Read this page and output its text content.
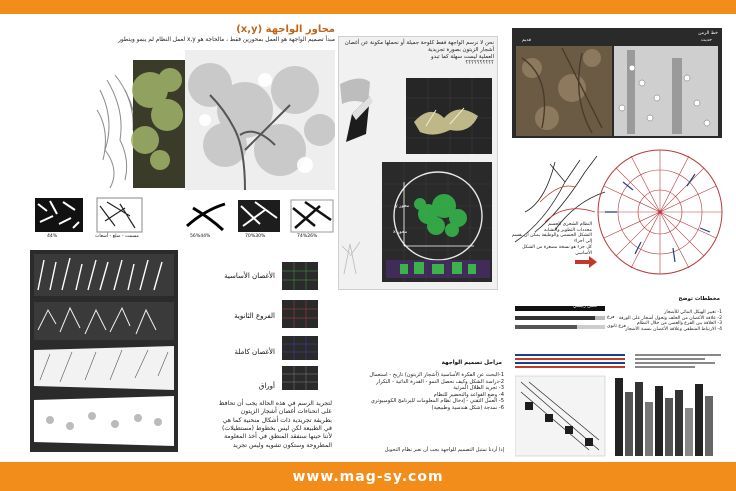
محاور الواجهة (x,y)
مبدأ تصميم الواجهة هو العمل بمحورين فقط ، مالحاجة هو x,y لعمل النظام لم ينمو ويتطور
44%	مسمت - ضلع - أشعاث	56%44%	70%30%	74%26%
الأغصان الأساسية
الفروع الثانوية
الأغصان كاملة
أوراق
لتجريد الرسم في هذه الحالة يجب أن تحافظ
على انحناءات أغصان أشجار الزيتون
بطريقة تجريدية ذات أشكال منحنية كما هي
في الطبيعة لكن ليس بخطوط (مستطيلات)
لأننا حينها سنفقد المنطق في أخذ المعلومة
المطروحة وستكون تشويه وليس تجريد
نحن لا نرسم الواجهة فقط كلوحة جميلة أو نحملها مكونة عن أغصان
أشجار الزيتون بصورة تجريدية
العملية ليست سهلة كما تبدو
؟؟؟؟؟؟؟؟؟؟
محور x
محور y
مراحل تصميم الواجهة
1-البحث عن الفكرة الأساسية (أشجار الزيتون) تاريخ - استعمال
2-دراسة الشكل وكيف نحصل النمو - القدرة الذاتية - التكرار
3- تجريد الظلال المرئية
4- وضع القواعد والتحضير للنظام
5- العمل التقني - إدخال نظام المعلومات للبرنامج الكومبيوتري
6- نمذجة (شكل هندسية وطبيعية)
إذا أردنا تمثيل التصميم للواجهة يجب أن نعبر نظام التحويل
خط الزمن
قديم	حديث
النظام الشجري للجسم
محددات التطوير والتشابه
التشكل الجسمي والوظيفة يمكن أن يقسم إلى أجزاء
كل جزء هو نسخة مصغرة من الشكل الأساسي
مخططات توضح
غصن رئيسي
فرع
فرع ثانوي
1- تغيير الهيكل المائي للأشجار
2- علاقة الأغصان من الخلف وتحول أشجار على الورقة
3- العلاقة بين الفرع والغصن من خلال النظام
4- الارتباط المنطقي وعلاقة الأغصان بنسبة الأشجار
www.mag-sy.com
